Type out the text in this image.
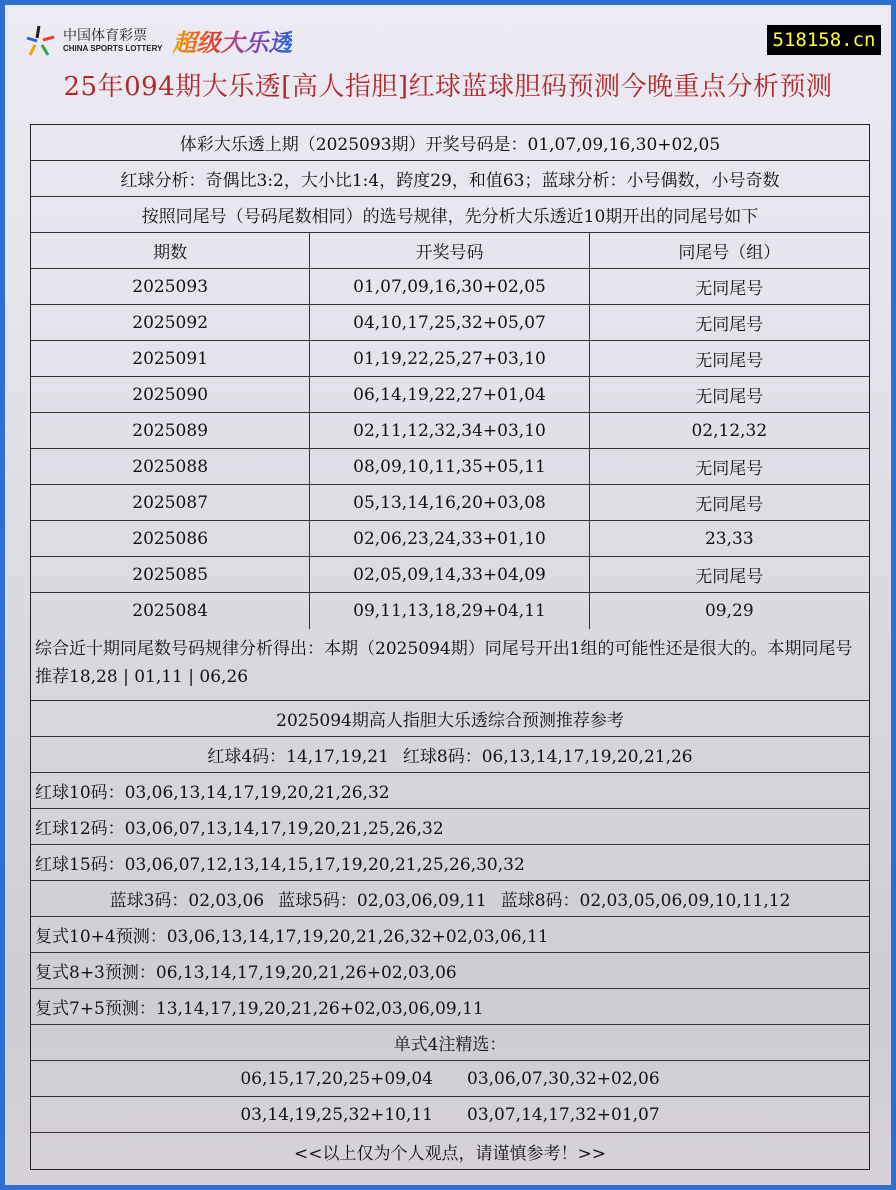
中国体育彩票
CHINA SPORTS LOTTERY 超级大乐透	518158.cn
25年094期大乐透[高人指胆]红球蓝球胆码预测今晚重点分析预测
体彩大乐透上期（2025093期）开奖号码是：01,07,09,16,30+02,05
红球分析：奇偶比3:2，大小比1:4，跨度29，和值63；蓝球分析：小号偶数，小号奇数
按照同尾号（号码尾数相同）的选号规律，先分析大乐透近10期开出的同尾号如下
期数	开奖号码	同尾号（组）
2025093	01,07,09,16,30+02,05	无同尾号
2025092	04,10,17,25,32+05,07	无同尾号
2025091	01,19,22,25,27+03,10	无同尾号
2025090	06,14,19,22,27+01,04	无同尾号
2025089	02,11,12,32,34+03,10	02,12,32
2025088	08,09,10,11,35+05,11	无同尾号
2025087	05,13,14,16,20+03,08	无同尾号
2025086	02,06,23,24,33+01,10	23,33
2025085	02,05,09,14,33+04,09	无同尾号
2025084	09,11,13,18,29+04,11	09,29
综合近十期同尾数号码规律分析得出：本期（2025094期）同尾号开出1组的可能性还是很大的。本期同尾号推荐18,28 | 01,11 | 06,26
2025094期高人指胆大乐透综合预测推荐参考
红球4码：14,17,19,21 红球8码：06,13,14,17,19,20,21,26
红球10码：03,06,13,14,17,19,20,21,26,32
红球12码：03,06,07,13,14,17,19,20,21,25,26,32
红球15码：03,06,07,12,13,14,15,17,19,20,21,25,26,30,32
蓝球3码：02,03,06 蓝球5码：02,03,06,09,11 蓝球8码：02,03,05,06,09,10,11,12
复式10+4预测：03,06,13,14,17,19,20,21,26,32+02,03,06,11
复式8+3预测：06,13,14,17,19,20,21,26+02,03,06
复式7+5预测：13,14,17,19,20,21,26+02,03,06,09,11
单式4注精选：
06,15,17,20,25+09,04 03,06,07,30,32+02,06
03,14,19,25,32+10,11 03,07,14,17,32+01,07
<<以上仅为个人观点，请谨慎参考！>>
